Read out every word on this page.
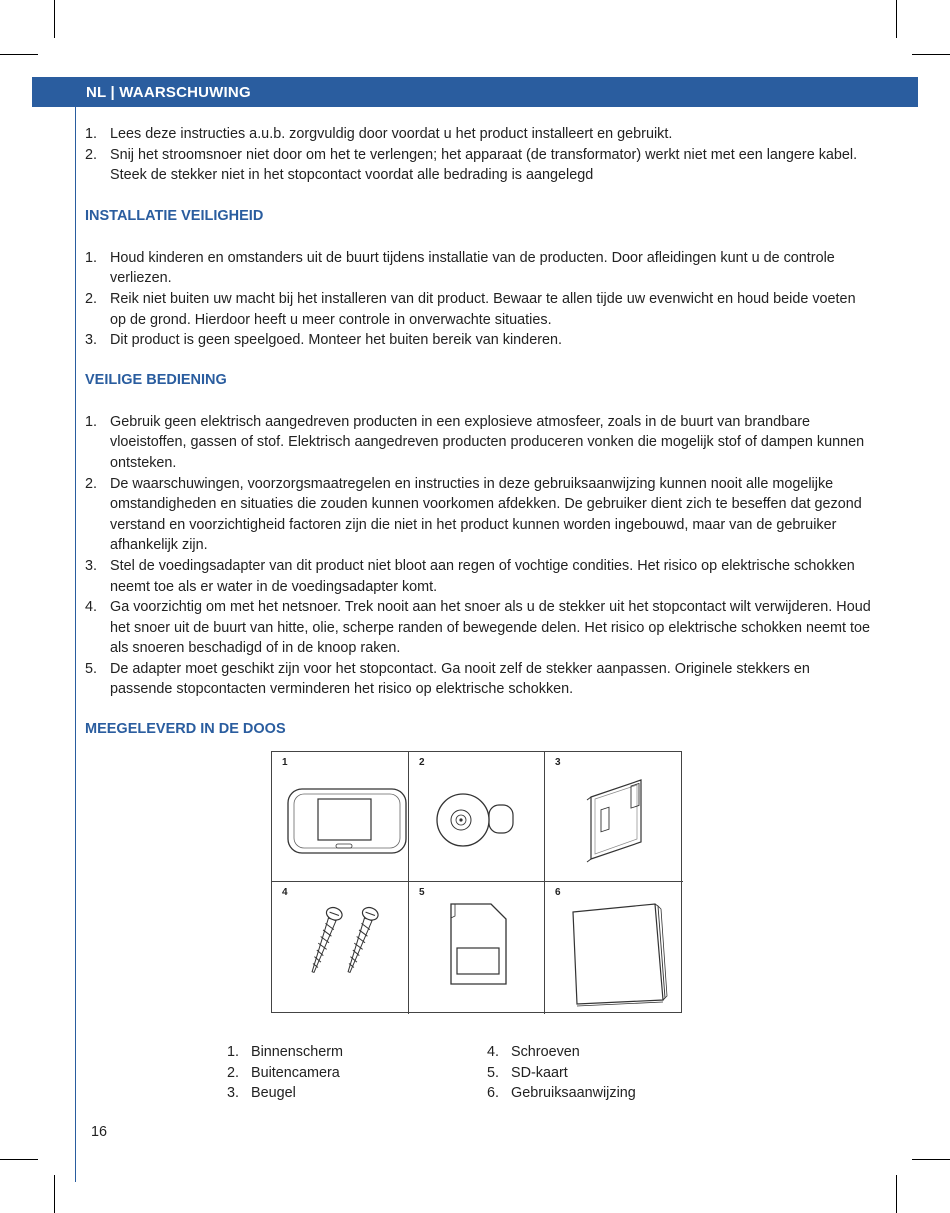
NL | WAARSCHUWING
1. Lees deze instructies a.u.b. zorgvuldig door voordat u het product installeert en gebruikt.
2. Snij het stroomsnoer niet door om het te verlengen; het apparaat (de transformator) werkt niet met een langere kabel. Steek de stekker niet in het stopcontact voordat alle bedrading is aangelegd
INSTALLATIE VEILIGHEID
1. Houd kinderen en omstanders uit de buurt tijdens installatie van de producten. Door afleidingen kunt u de controle verliezen.
2. Reik niet buiten uw macht bij het installeren van dit product. Bewaar te allen tijde uw evenwicht en houd beide voeten op de grond. Hierdoor heeft u meer controle in onverwachte situaties.
3. Dit product is geen speelgoed. Monteer het buiten bereik van kinderen.
VEILIGE BEDIENING
1. Gebruik geen elektrisch aangedreven producten in een explosieve atmosfeer, zoals in de buurt van brandbare vloeistoffen, gassen of stof. Elektrisch aangedreven producten produceren vonken die mogelijk stof of dampen kunnen ontsteken.
2. De waarschuwingen, voorzorgsmaatregelen en instructies in deze gebruiksaanwijzing kunnen nooit alle mogelijke omstandigheden en situaties die zouden kunnen voorkomen afdekken. De gebruiker dient zich te beseffen dat gezond verstand en voorzichtigheid factoren zijn die niet in het product kunnen worden ingebouwd, maar van de gebruiker afhankelijk zijn.
3. Stel de voedingsadapter van dit product niet bloot aan regen of vochtige condities. Het risico op elektrische schokken neemt toe als er water in de voedingsadapter komt.
4. Ga voorzichtig om met het netsnoer. Trek nooit aan het snoer als u de stekker uit het stopcontact wilt verwijderen. Houd het snoer uit de buurt van hitte, olie, scherpe randen of bewegende delen. Het risico op elektrische schokken neemt toe als snoeren beschadigd of in de knoop raken.
5. De adapter moet geschikt zijn voor het stopcontact. Ga nooit zelf de stekker aanpassen. Originele stekkers en passende stopcontacten verminderen het risico op elektrische schokken.
MEEGELEVERD IN DE DOOS
1	2	3
4	5	6
1. Binnenscherm
2. Buitencamera
3. Beugel
4. Schroeven
5. SD-kaart
6. Gebruiksaanwijzing
16
